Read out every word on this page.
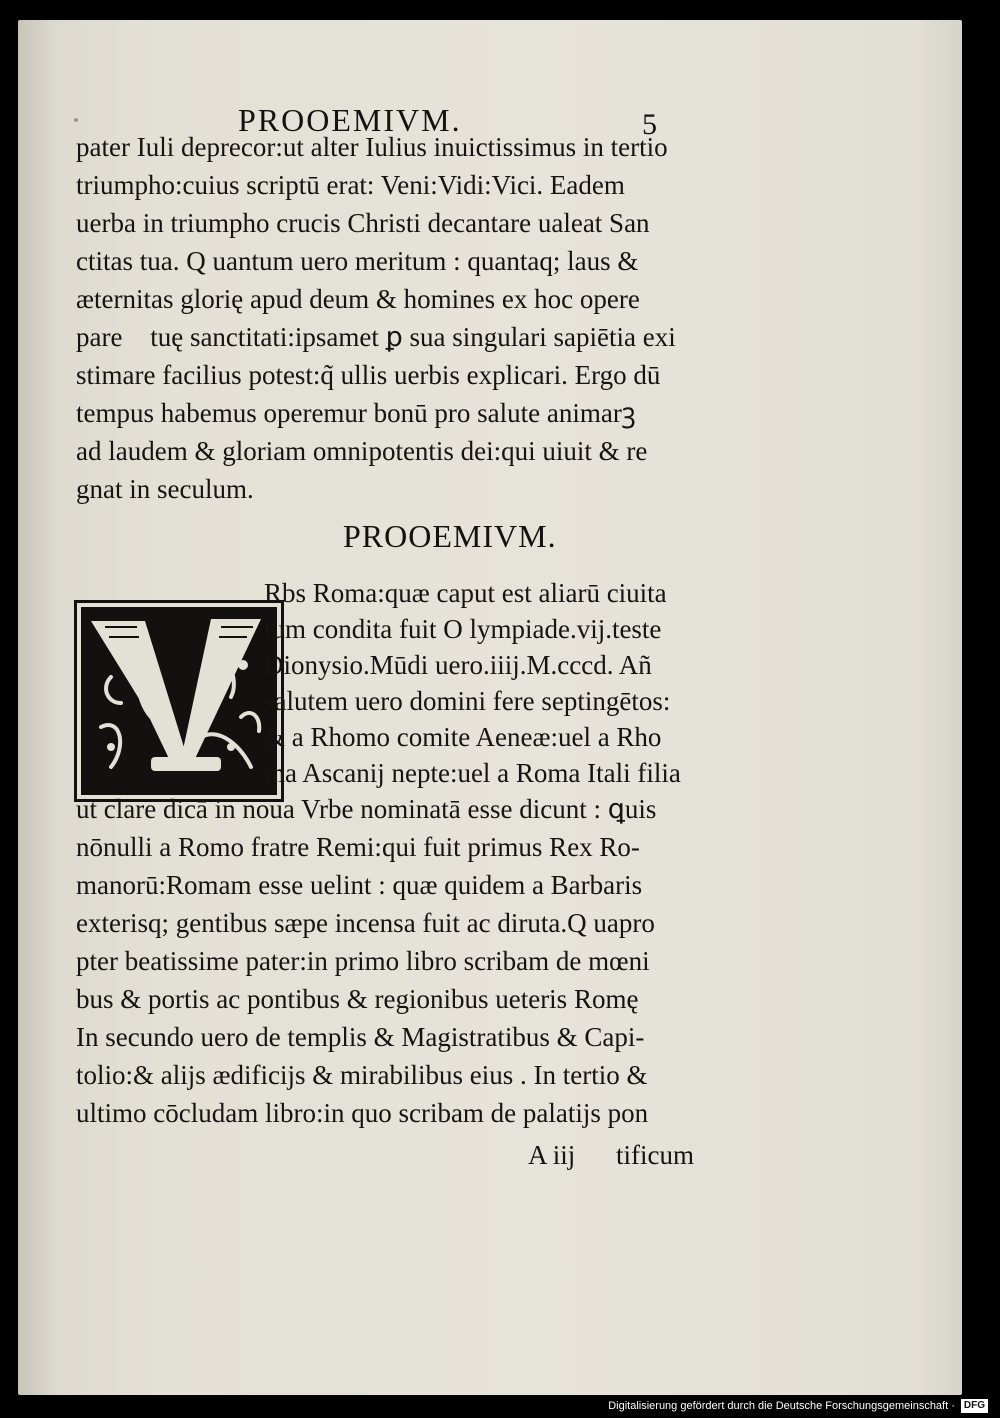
PROOEMIVM.	5
pater Iuli deprecor:ut alter Iulius inuictissimus in tertio
triumpho:cuius scriptū erat: Veni:Vidi:Vici. Eadem
uerba in triumpho crucis Christi decantare ualeat San
ctitas tua. Q uantum uero meritum : quantaq; laus &
æternitas glorię apud deum & homines ex hoc opere
pareᷓ tuę sanctitati:ipsamet ꝑ sua singulari sapiētia exi
stimare facilius potest:q̃ ullis uerbis explicari. Ergo dū
tempus habemus operemur bonū pro salute animarꝫ
ad laudem & gloriam omnipotentis dei:qui uiuit & re
gnat in seculum.
PROOEMIVM.
Rbs Roma:quæ caput est aliarū ciuita
tum condita fuit O lympiade.vij.teste
Dionysio.Mūdi uero.iiij.M.cccd. Añ
salutem uero domini fere septingētos:
& a Rhomo comite Aeneæ:uel a Rho
ma Ascanij nepte:uel a Roma Itali filia
ut clare dicā in noua Vrbe nominatā esse dicunt : ꝗuis
nōnulli a Romo fratre Remi:qui fuit primus Rex Ro-
manorū:Romam esse uelint : quæ quidem a Barbaris
exterisq; gentibus sæpe incensa fuit ac diruta.Q uapro
pter beatissime pater:in primo libro scribam de mœni
bus & portis ac pontibus & regionibus ueteris Romę
In secundo uero de templis & Magistratibus & Capi-
tolio:& alijs ædificijs & mirabilibus eius . In tertio &
ultimo cōcludam libro:in quo scribam de palatijs pon
A iij tificum
Digitalisierung gefördert durch die Deutsche Forschungsgemeinschaft · DFG
